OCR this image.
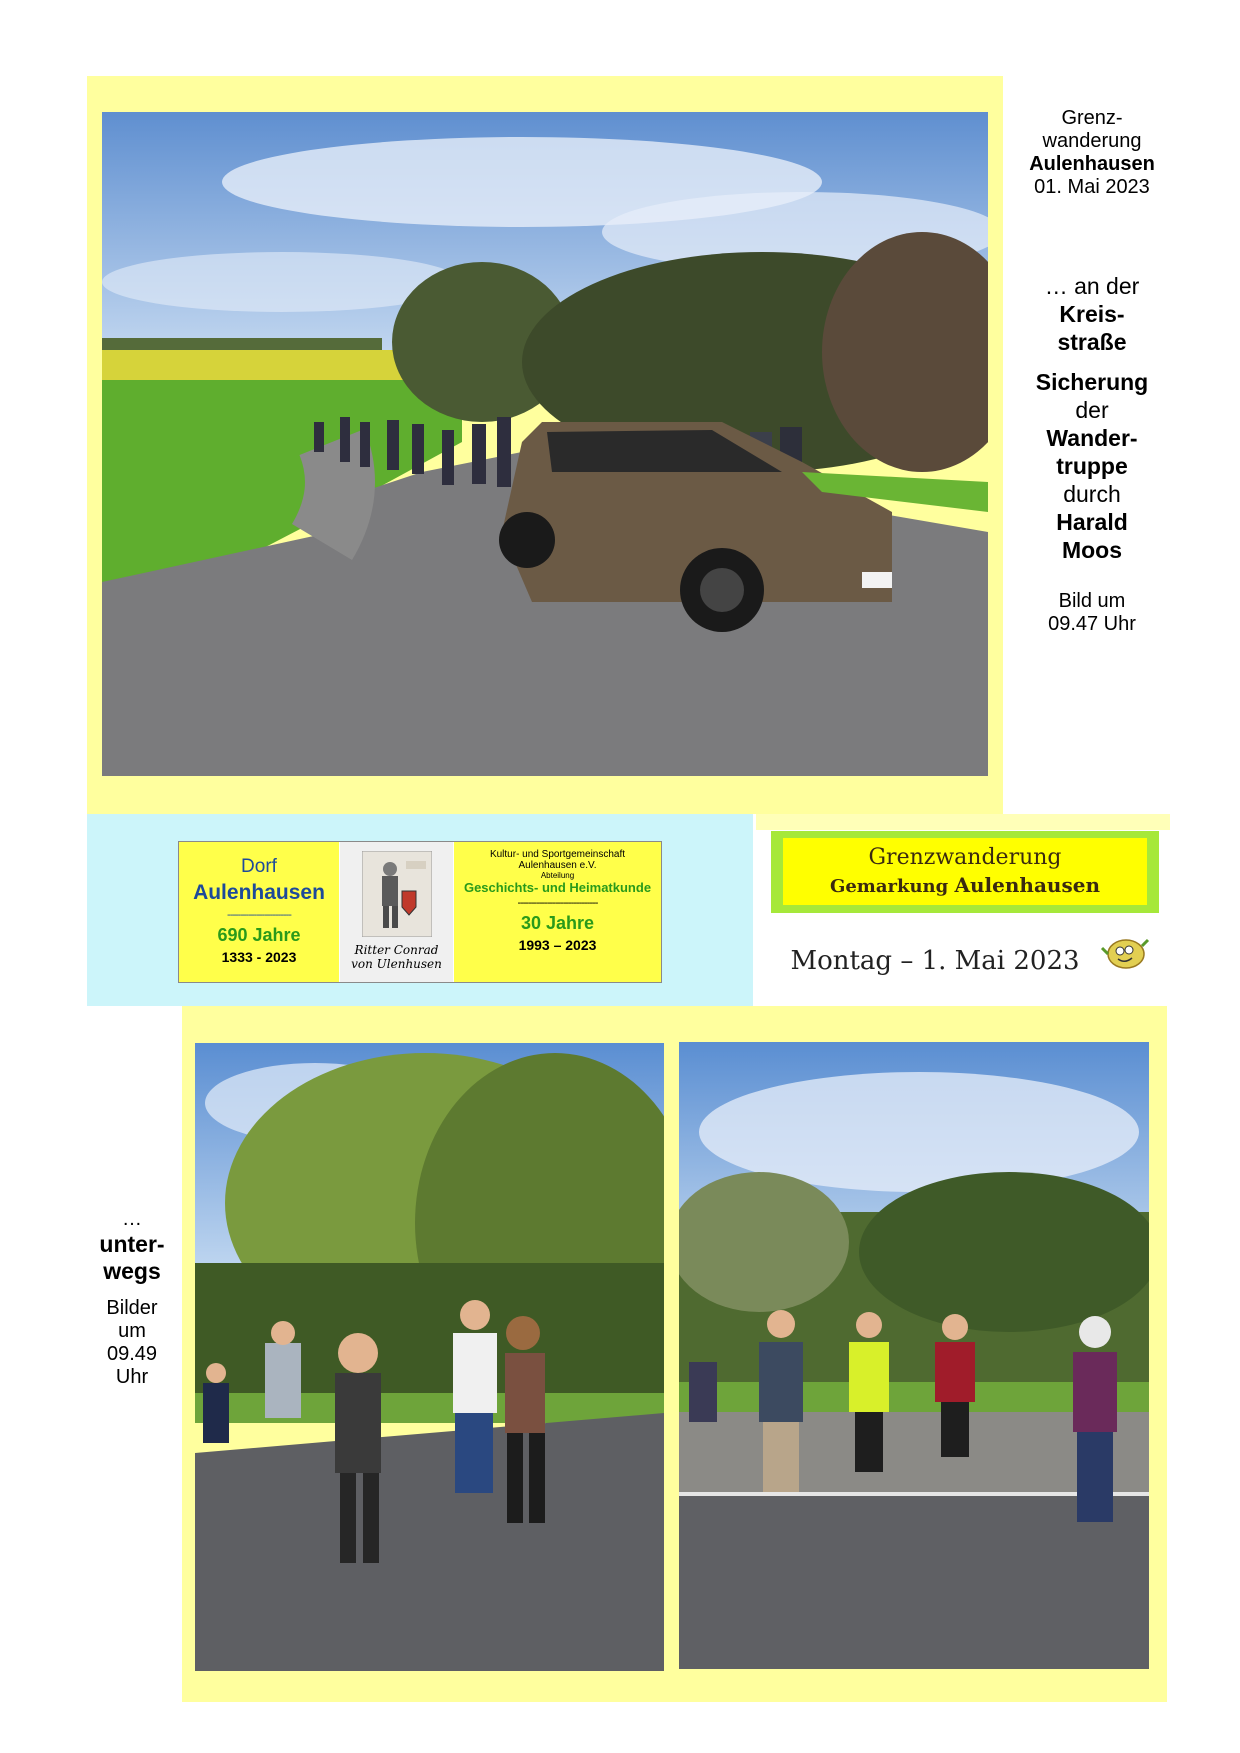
Grenz-
wanderung
Aulenhausen
01. Mai 2023
… an der
Kreis-
straße
Sicherung
der
Wander-
truppe
durch
Harald
Moos
Bild um
09.47 Uhr
Dorf
Aulenhausen
------------------------
690 Jahre
1333 - 2023	Ritter Conrad
von Ulenhusen
Kultur- und Sportgemeinschaft
Aulenhausen e.V.
Abteilung
Geschichts- und Heimatkunde
------------------------------
30 Jahre
1993 – 2023
Grenzwanderung
Gemarkung Aulenhausen
Montag – 1. Mai 2023
…
unter-
wegs
Bilder
um
09.49
Uhr
